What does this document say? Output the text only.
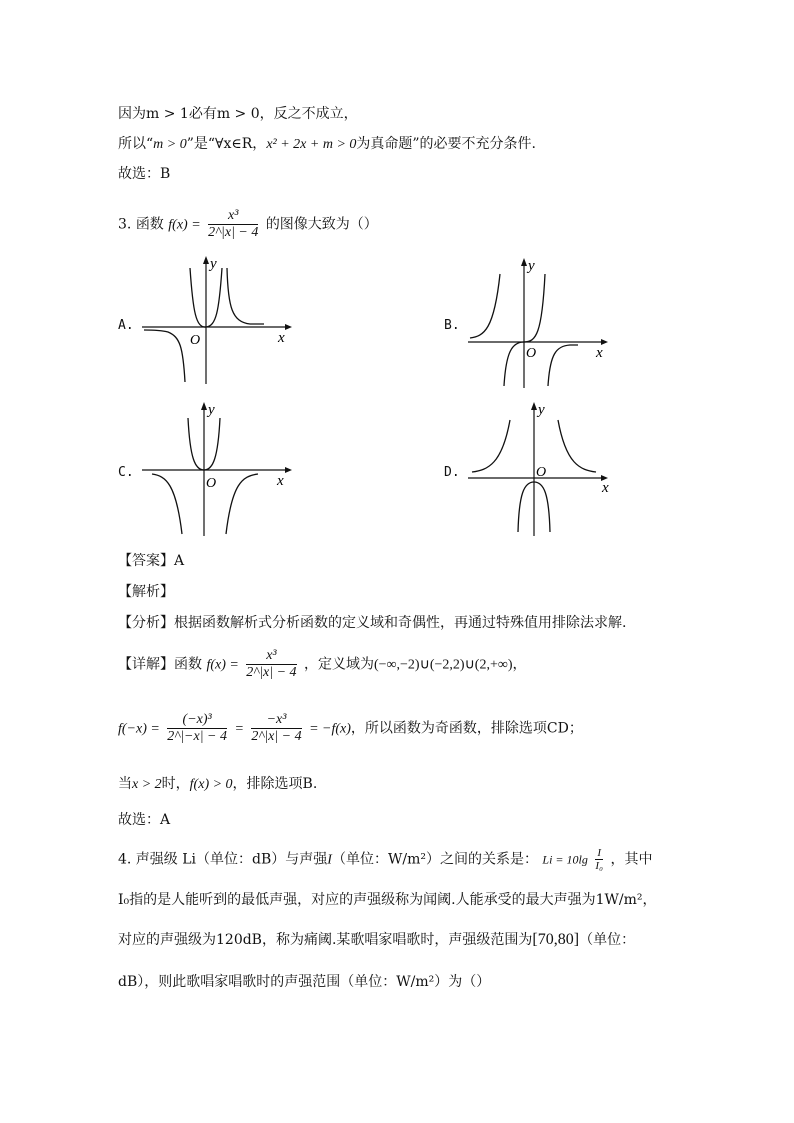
因为m > 1必有m > 0，反之不成立，
所以“m > 0”是“∀x∈R，x² + 2x + m > 0为真命题”的必要不充分条件.
故选：B
3. 函数 $f(x) = \frac{\text{x³}}{2\^{}|x| - 4}$ 的图像大致为（）
A.	B.
C.	D.
O	x
y
O	x
y
O	x
y
O
x
y
【答案】A
【解析】
【分析】根据函数解析式分析函数的定义域和奇偶性，再通过特殊值用排除法求解.
【详解】函数 $f(x) = \frac{\text{x³}}{2\^{}|x| - 4}$ ，定义域为(−∞,−2)∪(−2,2)∪(2,+∞)，
$f(-x) = \frac{\text{(−x)³}}{2\^{}|-x| - 4} = \frac{\text{−x³}}{2\^{}|x| - 4} = -f(x)$，所以函数为奇函数，排除选项CD；
当x > 2时，f(x) > 0，排除选项B.
故选：A
4. 声强级 Li（单位：dB）与声强I（单位：W/m²）之间的关系是： $Li = 10\lg \frac{I}{\text{I₀}}$ ，其中
I₀指的是人能听到的最低声强，对应的声强级称为闻阈.人能承受的最大声强为1W/m²，
对应的声强级为120dB，称为痛阈.某歌唱家唱歌时，声强级范围为[70,80]（单位：
dB），则此歌唱家唱歌时的声强范围（单位：W/m²）为（）
